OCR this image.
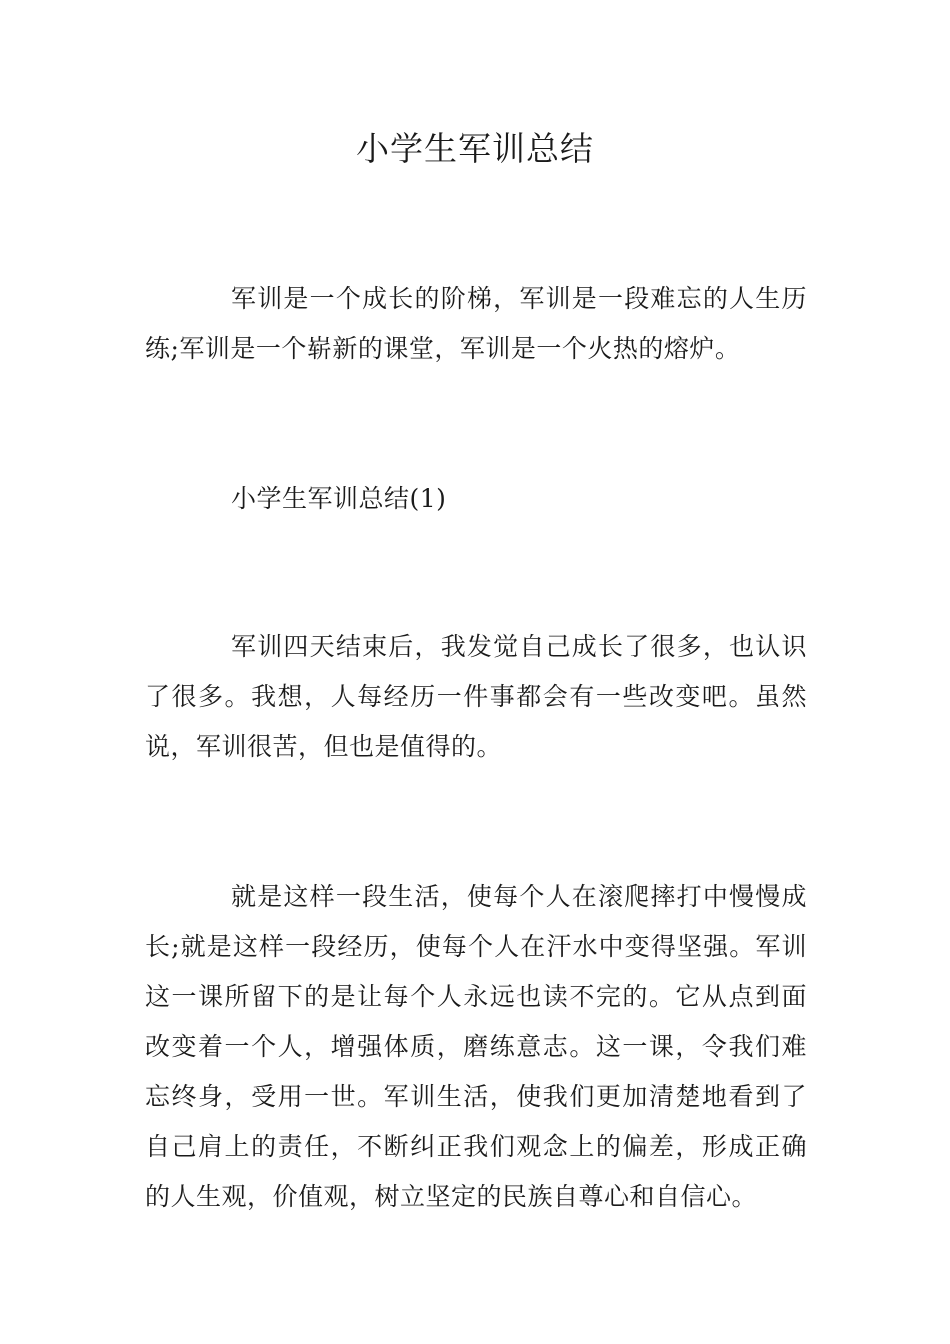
小学生军训总结

军训是一个成长的阶梯，军训是一段难忘的人生历练;军训是一个崭新的课堂，军训是一个火热的熔炉。

小学生军训总结(1)

军训四天结束后，我发觉自己成长了很多，也认识了很多。我想，人每经历一件事都会有一些改变吧。虽然说，军训很苦，但也是值得的。

就是这样一段生活，使每个人在滚爬摔打中慢慢成长;就是这样一段经历，使每个人在汗水中变得坚强。军训这一课所留下的是让每个人永远也读不完的。它从点到面改变着一个人，增强体质，磨练意志。这一课，令我们难忘终身，受用一世。军训生活，使我们更加清楚地看到了自己肩上的责任，不断纠正我们观念上的偏差，形成正确的人生观，价值观，树立坚定的民族自尊心和自信心。
